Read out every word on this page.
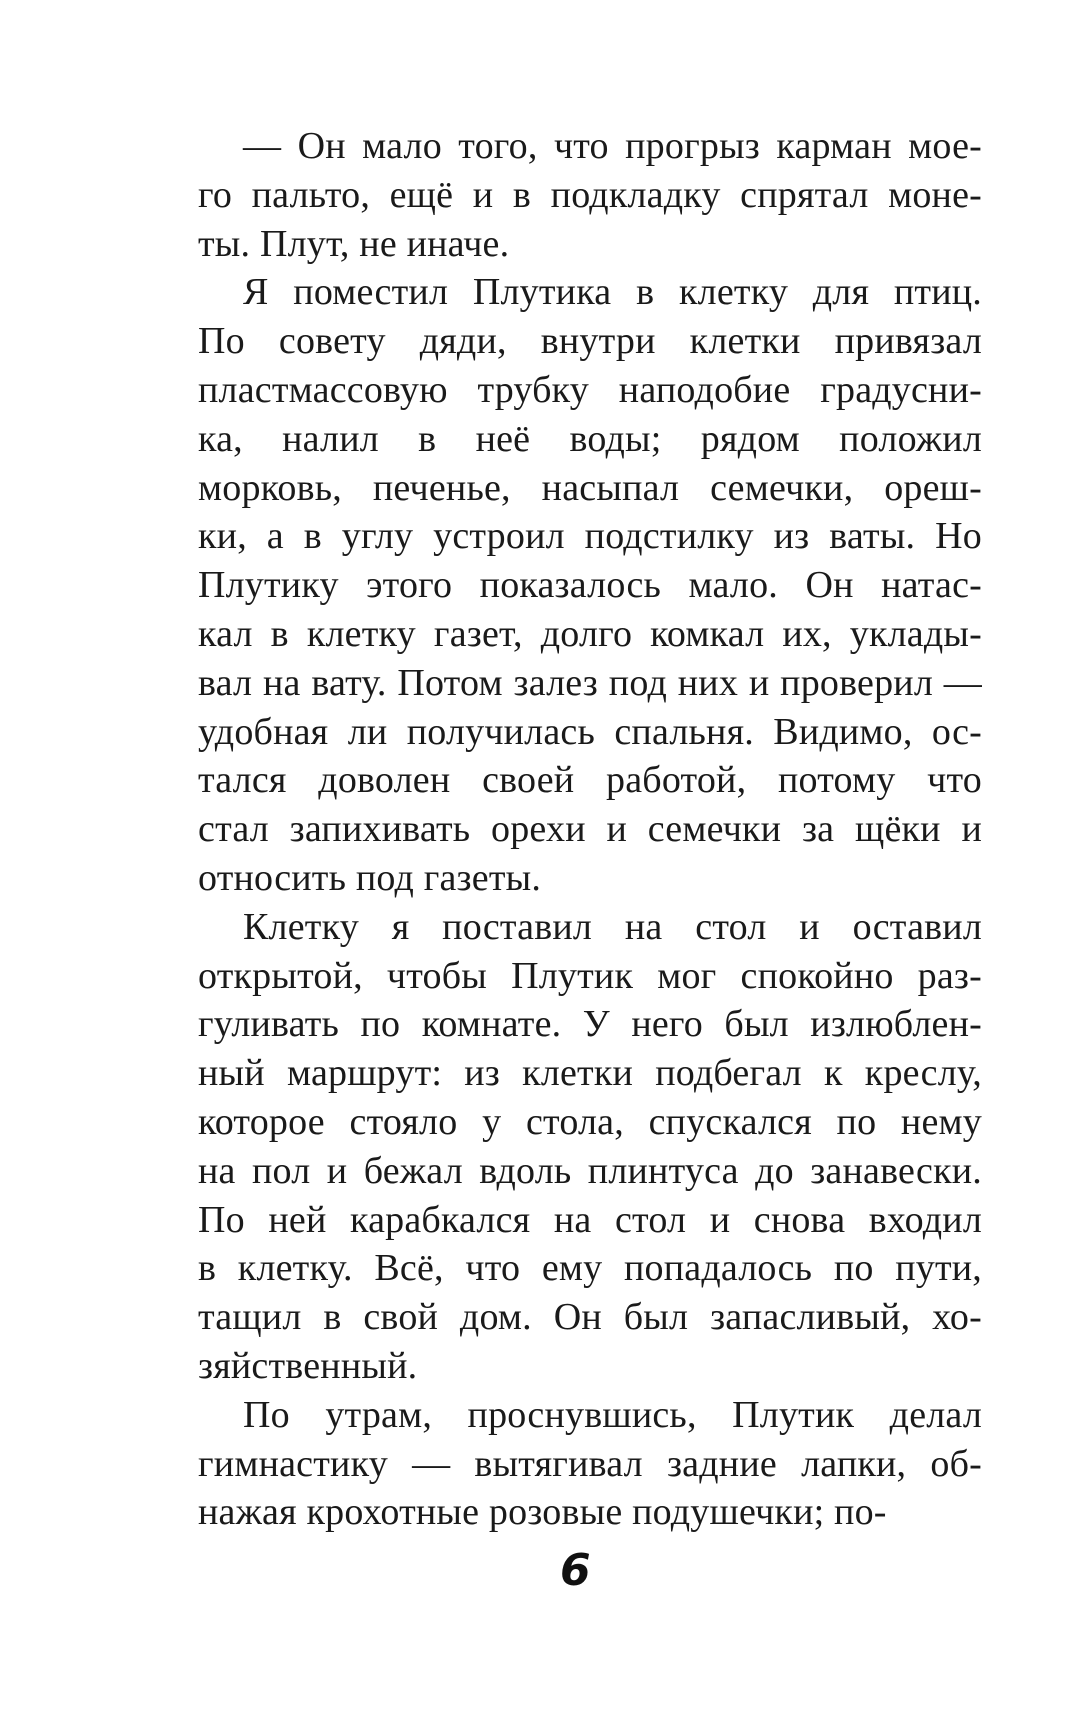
— Он мало того, что прогрыз карман мое-
го пальто, ещё и в подкладку спрятал моне-
ты. Плут, не иначе.
Я поместил Плутика в клетку для птиц.
По совету дяди, внутри клетки привязал
пластмассовую трубку наподобие градусни-
ка, налил в неё воды; рядом положил
морковь, печенье, насыпал семечки, ореш-
ки, а в углу устроил подстилку из ваты. Но
Плутику этого показалось мало. Он натас-
кал в клетку газет, долго комкал их, уклады-
вал на вату. Потом залез под них и проверил —
удобная ли получилась спальня. Видимо, ос-
тался доволен своей работой, потому что
стал запихивать орехи и семечки за щёки и
относить под газеты.
Клетку я поставил на стол и оставил
открытой, чтобы Плутик мог спокойно раз-
гуливать по комнате. У него был излюблен-
ный маршрут: из клетки подбегал к креслу,
которое стояло у стола, спускался по нему
на пол и бежал вдоль плинтуса до занавески.
По ней карабкался на стол и снова входил
в клетку. Всё, что ему попадалось по пути,
тащил в свой дом. Он был запасливый, хо-
зяйственный.
По утрам, проснувшись, Плутик делал
гимнастику — вытягивал задние лапки, об-
нажая крохотные розовые подушечки; по-
6
